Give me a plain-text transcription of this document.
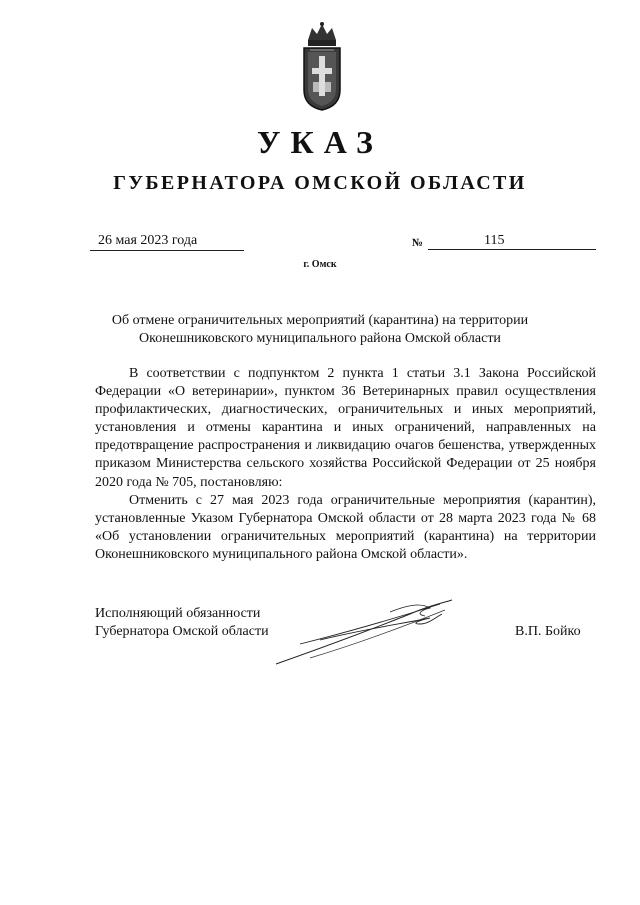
УКАЗ
ГУБЕРНАТОРА ОМСКОЙ ОБЛАСТИ
26 мая 2023 года	№	115
г. Омск
Об отмене ограничительных мероприятий (карантина) на территории
Оконешниковского муниципального района Омской области

В соответствии с подпунктом 2 пункта 1 статьи 3.1 Закона Российской Федерации «О ветеринарии», пунктом 36 Ветеринарных правил осуществления профилактических, диагностических, ограничительных и иных мероприятий, установления и отмены карантина и иных ограничений, направленных на предотвращение распространения и ликвидацию очагов бешенства, утвержденных приказом Министерства сельского хозяйства Российской Федерации от 25 ноября 2020 года № 705, постановляю:

Отменить с 27 мая 2023 года ограничительные мероприятия (карантин), установленные Указом Губернатора Омской области от 28 марта 2023 года № 68 «Об установлении ограничительных мероприятий (карантина) на территории Оконешниковского муниципального района Омской области».

Исполняющий обязанности
Губернатора Омской области	В.П. Бойко
